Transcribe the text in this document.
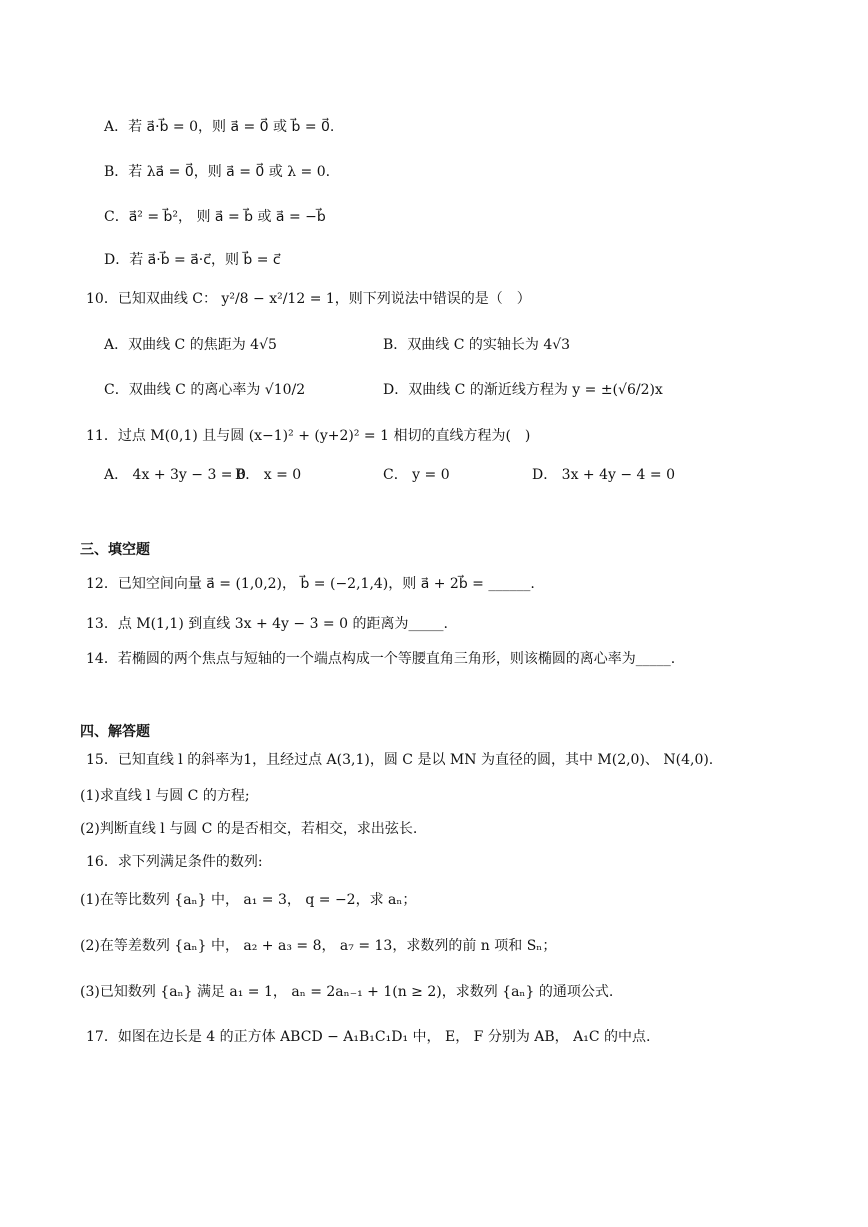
A．若 a⃗·b⃗ = 0，则 a⃗ = 0⃗ 或 b⃗ = 0⃗.
B．若 λa⃗ = 0⃗，则 a⃗ = 0⃗ 或 λ = 0.
C．a⃗² = b⃗²， 则 a⃗ = b⃗ 或 a⃗ = −b⃗
D．若 a⃗·b⃗ = a⃗·c⃗，则 b⃗ = c⃗
10．已知双曲线 C： y²/8 − x²/12 = 1，则下列说法中错误的是（　）
A．双曲线 C 的焦距为 4√5	B．双曲线 C 的实轴长为 4√3
C．双曲线 C 的离心率为 √10/2	D．双曲线 C 的渐近线方程为 y = ±(√6/2)x
11．过点 M(0,1) 且与圆 (x−1)² + (y+2)² = 1 相切的直线方程为(　)
A． 4x + 3y − 3 = 0
B． x = 0	C． y = 0	D． 3x + 4y − 4 = 0
三、填空题
12．已知空间向量 a⃗ = (1,0,2)， b⃗ = (−2,1,4)，则 a⃗ + 2b⃗ = ______.
13．点 M(1,1) 到直线 3x + 4y − 3 = 0 的距离为_____.
14．若椭圆的两个焦点与短轴的一个端点构成一个等腰直角三角形，则该椭圆的离心率为_____.
四、解答题
15．已知直线 l 的斜率为1，且经过点 A(3,1)，圆 C 是以 MN 为直径的圆，其中 M(2,0)、 N(4,0).
(1)求直线 l 与圆 C 的方程;
(2)判断直线 l 与圆 C 的是否相交，若相交，求出弦长.
16．求下列满足条件的数列:
(1)在等比数列 {aₙ} 中， a₁ = 3， q = −2，求 aₙ；
(2)在等差数列 {aₙ} 中， a₂ + a₃ = 8， a₇ = 13，求数列的前 n 项和 Sₙ；
(3)已知数列 {aₙ} 满足 a₁ = 1， aₙ = 2aₙ₋₁ + 1(n ≥ 2)，求数列 {aₙ} 的通项公式.
17．如图在边长是 4 的正方体 ABCD − A₁B₁C₁D₁ 中， E， F 分别为 AB， A₁C 的中点.
